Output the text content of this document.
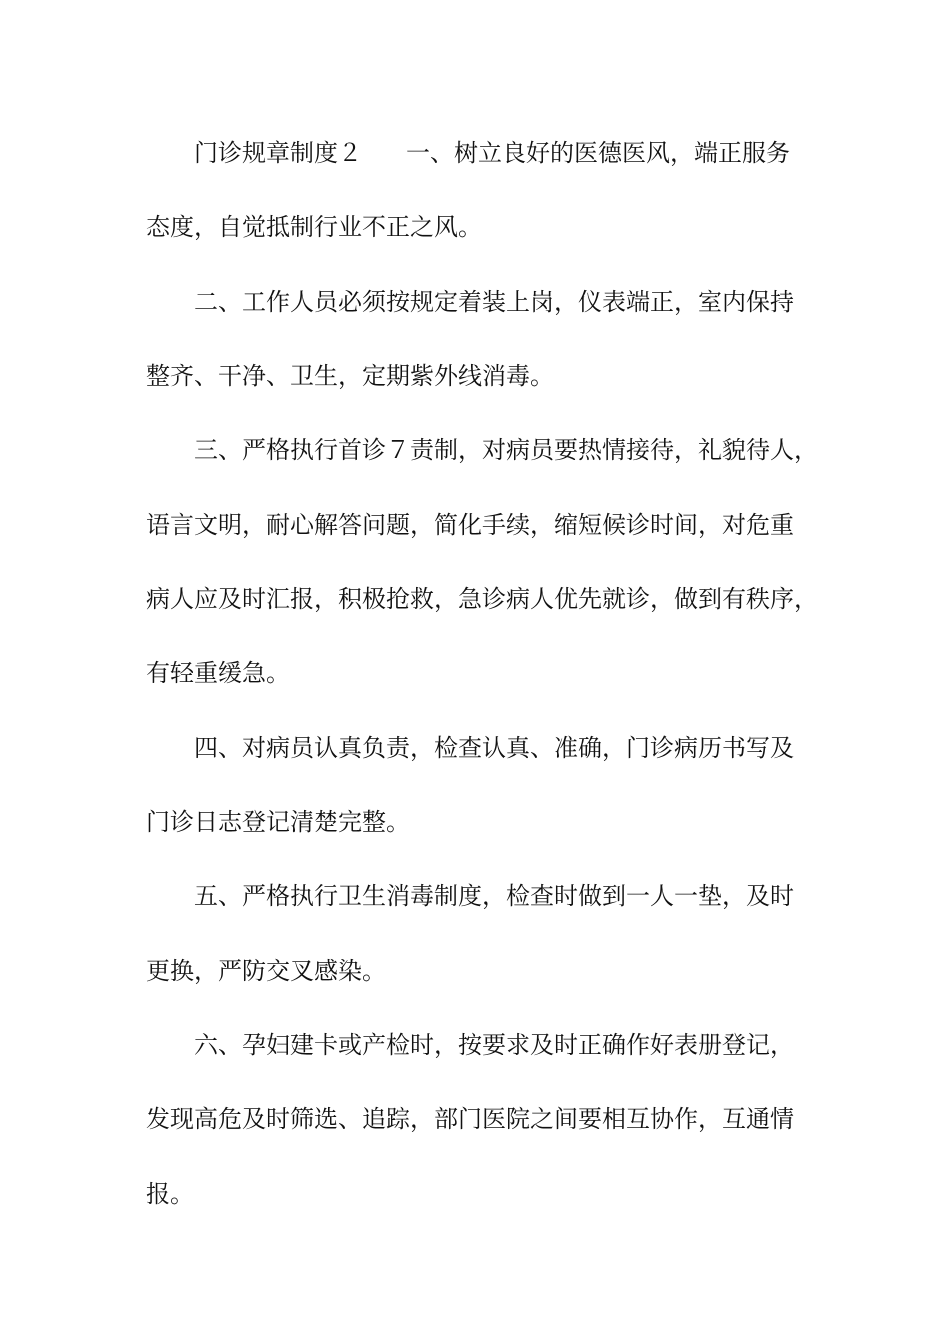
门诊规章制度２ 一、树立良好的医德医风，端正服务
态度，自觉抵制行业不正之风。
二、工作人员必须按规定着装上岗，仪表端正，室内保持
整齐、干净、卫生，定期紫外线消毒。
三、严格执行首诊７责制，对病员要热情接待，礼貌待人，
语言文明，耐心解答问题，简化手续，缩短候诊时间，对危重
病人应及时汇报，积极抢救，急诊病人优先就诊，做到有秩序，
有轻重缓急。
四、对病员认真负责，检查认真、准确，门诊病历书写及
门诊日志登记清楚完整。
五、严格执行卫生消毒制度，检查时做到一人一垫，及时
更换，严防交叉感染。
六、孕妇建卡或产检时，按要求及时正确作好表册登记，
发现高危及时筛选、追踪，部门医院之间要相互协作，互通情
报。
